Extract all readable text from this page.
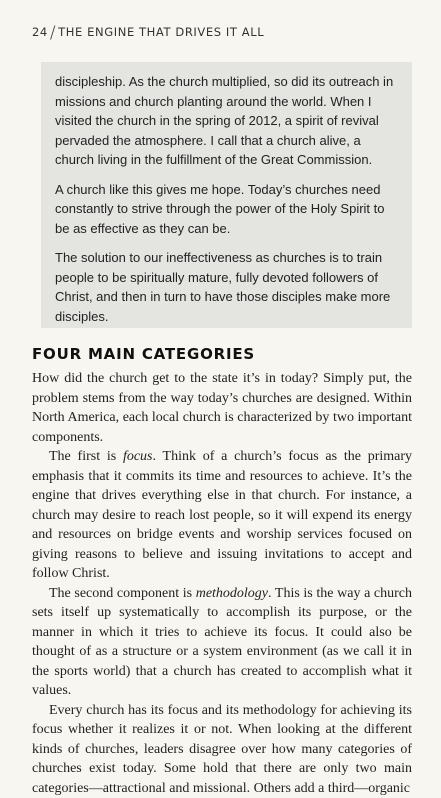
24 / THE ENGINE THAT DRIVES IT ALL

discipleship. As the church multiplied, so did its outreach in missions and church planting around the world. When I visited the church in the spring of 2012, a spirit of revival pervaded the atmosphere. I call that a church alive, a church living in the fulfillment of the Great Commission.

A church like this gives me hope. Today’s churches need constantly to strive through the power of the Holy Spirit to be as effective as they can be.

The solution to our ineffectiveness as churches is to train people to be spiritually mature, fully devoted followers of Christ, and then in turn to have those disciples make more disciples.

FOUR MAIN CATEGORIES

How did the church get to the state it’s in today? Simply put, the problem stems from the way today’s churches are designed. Within North America, each local church is characterized by two important components.

The first is focus. Think of a church’s focus as the primary emphasis that it commits its time and resources to achieve. It’s the engine that drives everything else in that church. For instance, a church may desire to reach lost people, so it will expend its energy and resources on bridge events and worship services focused on giving reasons to believe and issuing invitations to accept and follow Christ.

The second component is methodology. This is the way a church sets itself up systematically to accomplish its purpose, or the manner in which it tries to achieve its focus. It could also be thought of as a structure or a system environment (as we call it in the sports world) that a church has created to accomplish what it values.

Every church has its focus and its methodology for achieving its focus whether it realizes it or not. When looking at the different kinds of churches, leaders disagree over how many categories of churches exist today. Some hold that there are only two main categories—attractional and missional. Others add a third—organic
